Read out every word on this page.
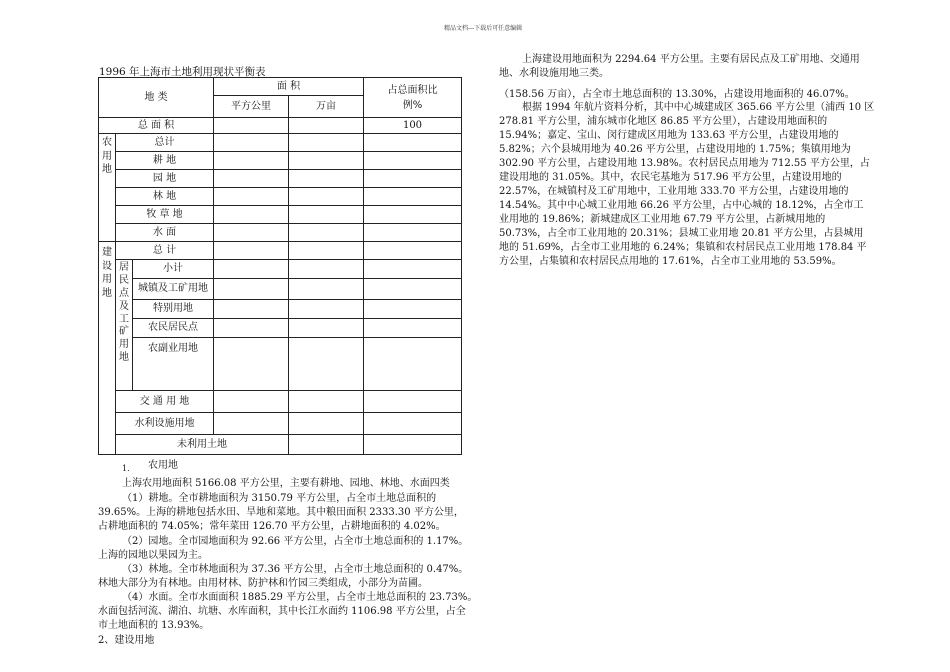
精品文档---下载后可任意编辑
1996 年上海市土地利用现状平衡表
地 类			面 积		占总面积比例%	
			平方公里	万亩		
总 面 积					100	

农用地	总计					
	耕 地					
	园 地					
	林 地					
	牧 草 地					
	水 面					

建设用地	总 计					

	居民点及工矿用地	小计				
		城镇及工矿用地				
		特别用地				
		农民居民点				
		农副业用地				
	交 通 用 地					
	水利设施用地					
	未利用土地					
1. 农用地
上海农用地面积 5166.08 平方公里，主要有耕地、园地、林地、水面四类
（1）耕地。全市耕地面积为 3150.79 平方公里，占全市土地总面积的
39.65%。上海的耕地包括水田、旱地和菜地。其中粮田面积 2333.30 平方公里，
占耕地面积的 74.05%；常年菜田 126.70 平方公里，占耕地面积的 4.02%。
（2）园地。全市园地面积为 92.66 平方公里，占全市土地总面积的 1.17%。
上海的园地以果园为主。
（3）林地。全市林地面积为 37.36 平方公里，占全市土地总面积的 0.47%。
林地大部分为有林地。由用材林、防护林和竹园三类组成，小部分为苗圃。
（4）水面。全市水面面积 1885.29 平方公里，占全市土地总面积的 23.73%。
水面包括河流、湖泊、坑塘、水库面积，其中长江水面约 1106.98 平方公里，占全
市土地面积的 13.93%。
2、建设用地
上海建设用地面积为 2294.64 平方公里。主要有居民点及工矿用地、交通用
地、水利设施用地三类。
（158.56 万亩），占全市土地总面积的 13.30%，占建设用地面积的 46.07%。
根据 1994 年航片资料分析，其中中心城建成区 365.66 平方公里（浦西 10 区
278.81 平方公里，浦东城市化地区 86.85 平方公里），占建设用地面积的
15.94%；嘉定、宝山、闵行建成区用地为 133.63 平方公里，占建设用地的
5.82%；六个县城用地为 40.26 平方公里，占建设用地的 1.75%；集镇用地为
302.90 平方公里，占建设用地 13.98%。农村居民点用地为 712.55 平方公里，占
建设用地的 31.05%。其中，农民宅基地为 517.96 平方公里，占建设用地的
22.57%，在城镇村及工矿用地中，工业用地 333.70 平方公里，占建设用地的
14.54%。其中中心城工业用地 66.26 平方公里，占中心城的 18.12%，占全市工
业用地的 19.86%；新城建成区工业用地 67.79 平方公里，占新城用地的
50.73%，占全市工业用地的 20.31%；县城工业用地 20.81 平方公里，占县城用
地的 51.69%，占全市工业用地的 6.24%；集镇和农村居民点工业用地 178.84 平
方公里，占集镇和农村居民点用地的 17.61%，占全市工业用地的 53.59%。
